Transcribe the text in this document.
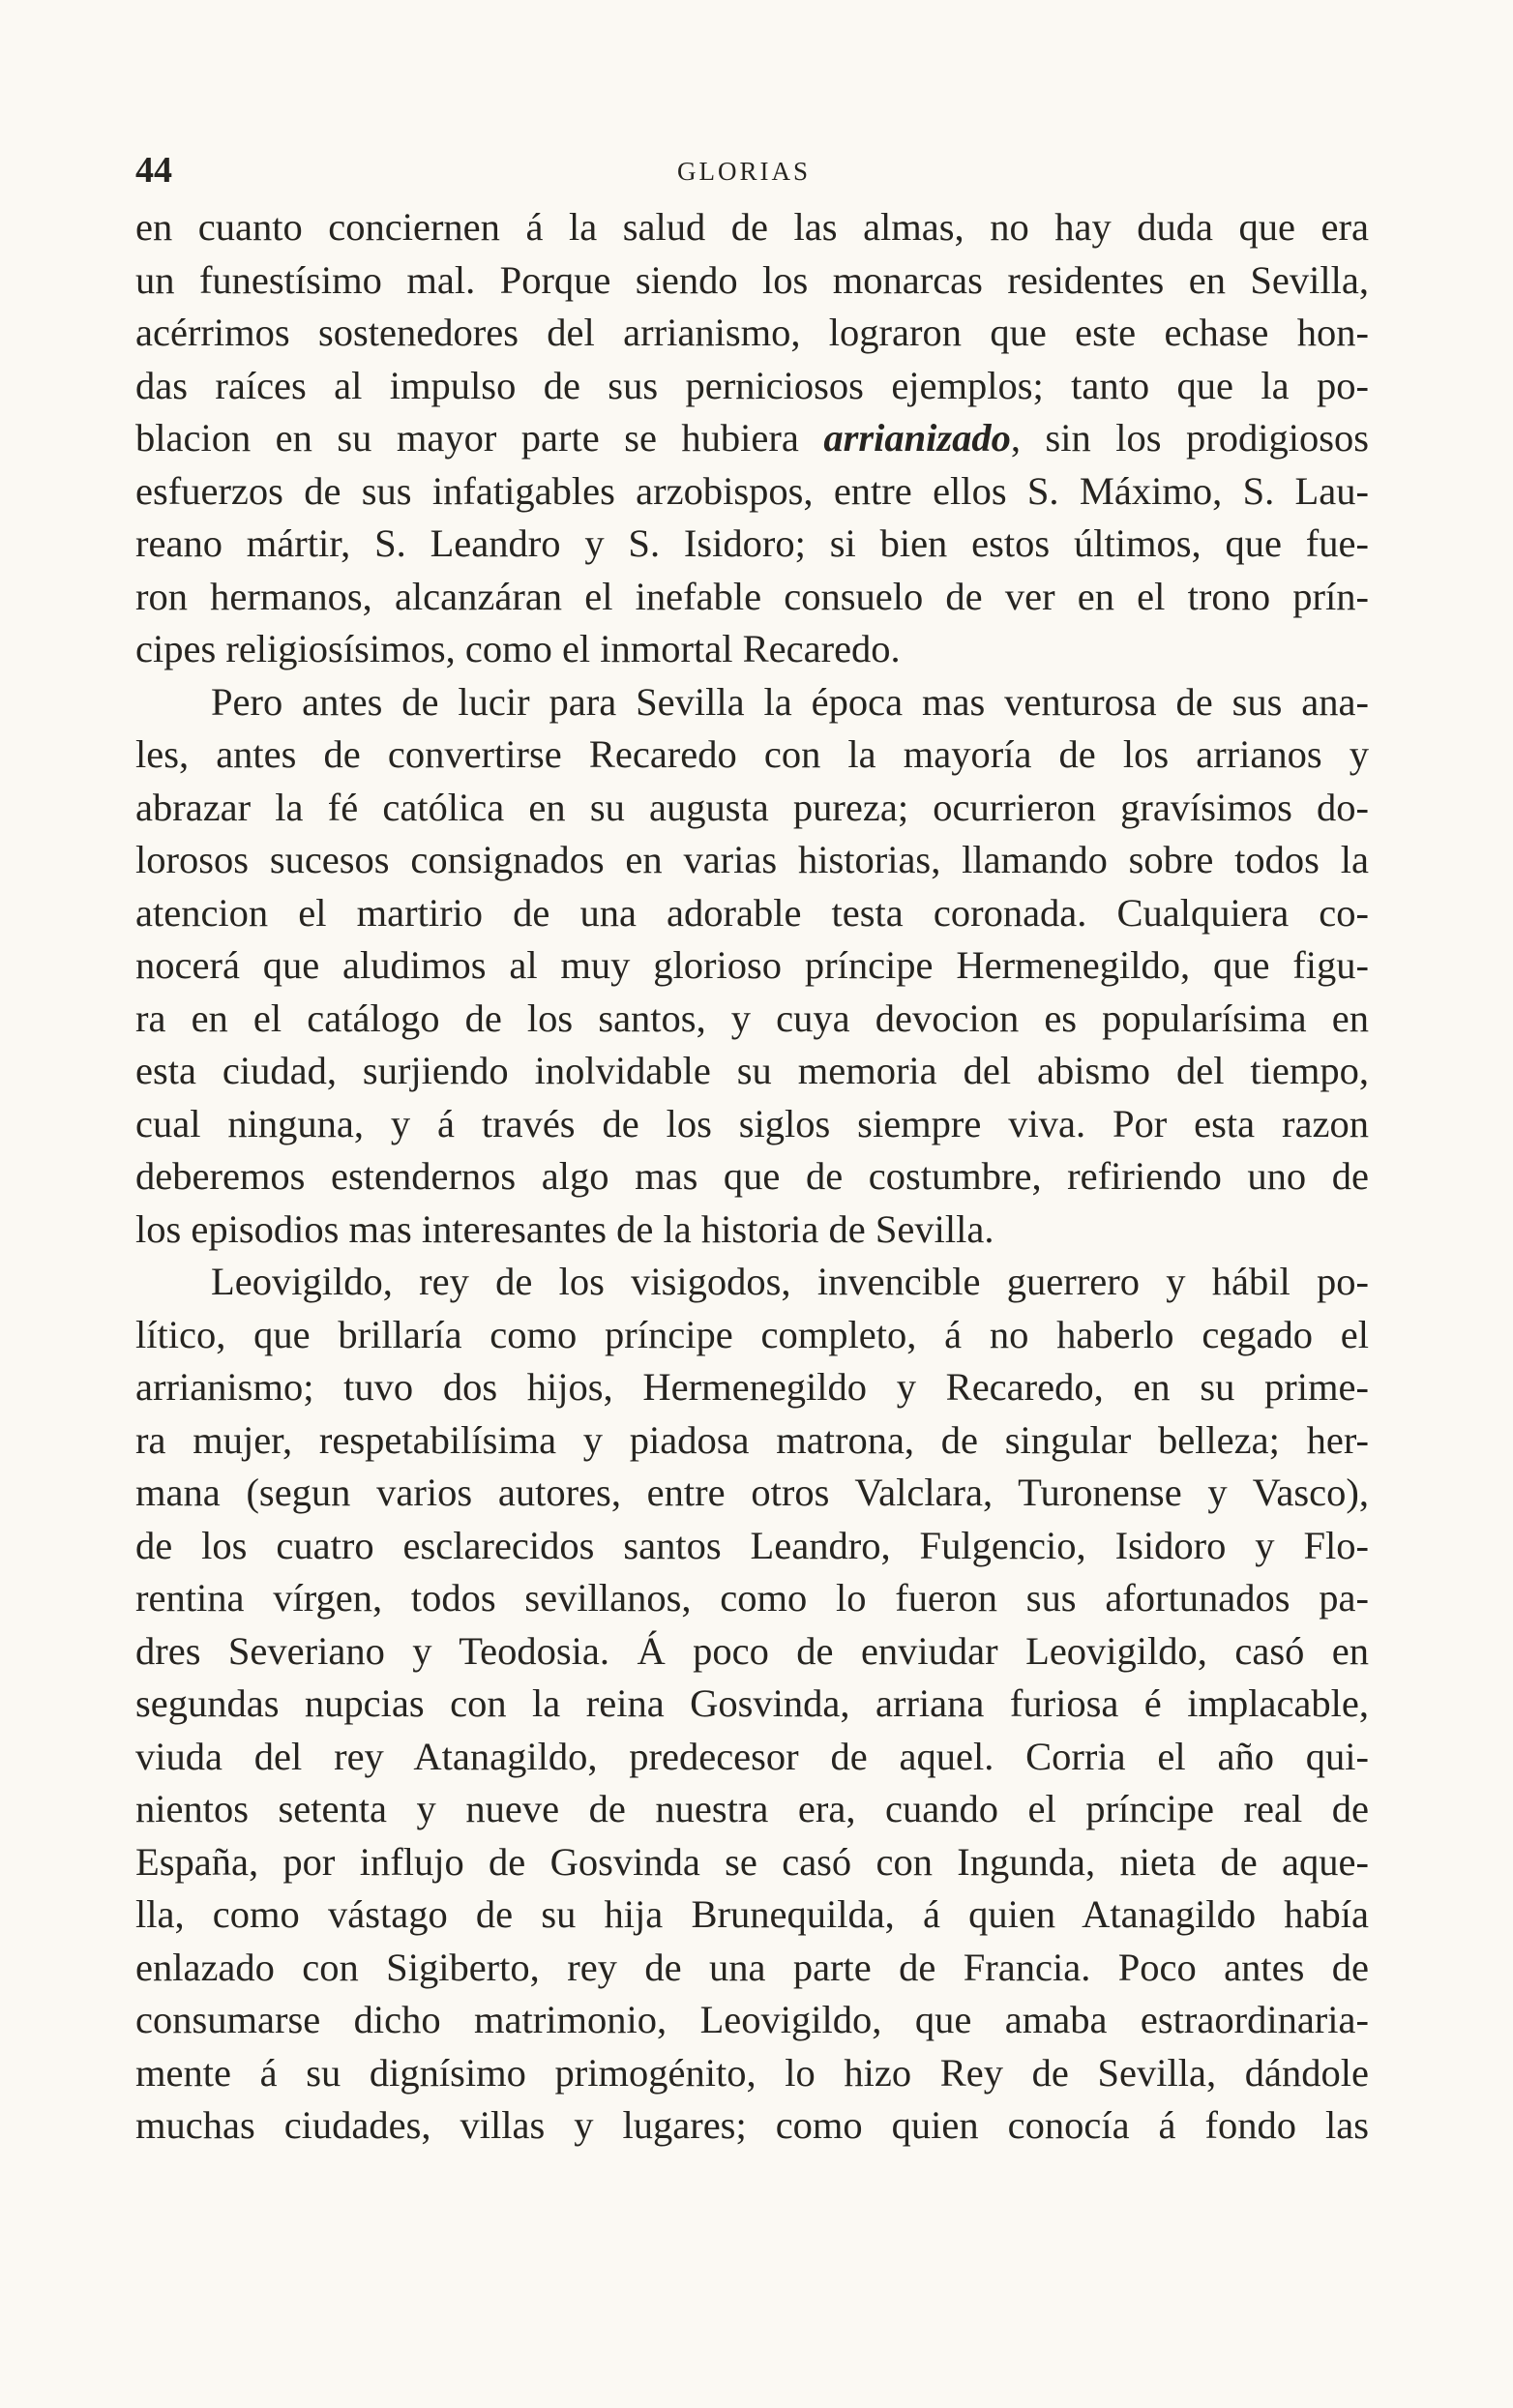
44	GLORIAS
en cuanto conciernen á la salud de las almas, no hay duda que era
un funestísimo mal. Porque siendo los monarcas residentes en Sevilla,
acérrimos sostenedores del arrianismo, lograron que este echase hon-
das raíces al impulso de sus perniciosos ejemplos; tanto que la po-
blacion en su mayor parte se hubiera arrianizado, sin los prodigiosos
esfuerzos de sus infatigables arzobispos, entre ellos S. Máximo, S. Lau-
reano mártir, S. Leandro y S. Isidoro; si bien estos últimos, que fue-
ron hermanos, alcanzáran el inefable consuelo de ver en el trono prín-
cipes religiosísimos, como el inmortal Recaredo.
Pero antes de lucir para Sevilla la época mas venturosa de sus ana-
les, antes de convertirse Recaredo con la mayoría de los arrianos y
abrazar la fé católica en su augusta pureza; ocurrieron gravísimos do-
lorosos sucesos consignados en varias historias, llamando sobre todos la
atencion el martirio de una adorable testa coronada. Cualquiera co-
nocerá que aludimos al muy glorioso príncipe Hermenegildo, que figu-
ra en el catálogo de los santos, y cuya devocion es popularísima en
esta ciudad, surjiendo inolvidable su memoria del abismo del tiempo,
cual ninguna, y á través de los siglos siempre viva. Por esta razon
deberemos estendernos algo mas que de costumbre, refiriendo uno de
los episodios mas interesantes de la historia de Sevilla.
Leovigildo, rey de los visigodos, invencible guerrero y hábil po-
lítico, que brillaría como príncipe completo, á no haberlo cegado el
arrianismo; tuvo dos hijos, Hermenegildo y Recaredo, en su prime-
ra mujer, respetabilísima y piadosa matrona, de singular belleza; her-
mana (segun varios autores, entre otros Valclara, Turonense y Vasco),
de los cuatro esclarecidos santos Leandro, Fulgencio, Isidoro y Flo-
rentina vírgen, todos sevillanos, como lo fueron sus afortunados pa-
dres Severiano y Teodosia. Á poco de enviudar Leovigildo, casó en
segundas nupcias con la reina Gosvinda, arriana furiosa é implacable,
viuda del rey Atanagildo, predecesor de aquel. Corria el año qui-
nientos setenta y nueve de nuestra era, cuando el príncipe real de
España, por influjo de Gosvinda se casó con Ingunda, nieta de aque-
lla, como vástago de su hija Brunequilda, á quien Atanagildo había
enlazado con Sigiberto, rey de una parte de Francia. Poco antes de
consumarse dicho matrimonio, Leovigildo, que amaba estraordinaria-
mente á su dignísimo primogénito, lo hizo Rey de Sevilla, dándole
muchas ciudades, villas y lugares; como quien conocía á fondo las
